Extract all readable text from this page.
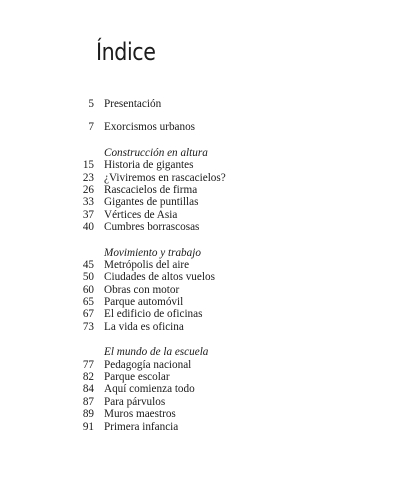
Índice
5 Presentación
7 Exorcismos urbanos
Construcción en altura
15 Historia de gigantes
23 ¿Viviremos en rascacielos?
26 Rascacielos de firma
33 Gigantes de puntillas
37 Vértices de Asia
40 Cumbres borrascosas
Movimiento y trabajo
45 Metrópolis del aire
50 Ciudades de altos vuelos
60 Obras con motor
65 Parque automóvil
67 El edificio de oficinas
73 La vida es oficina
El mundo de la escuela
77 Pedagogía nacional
82 Parque escolar
84 Aquí comienza todo
87 Para párvulos
89 Muros maestros
91 Primera infancia
